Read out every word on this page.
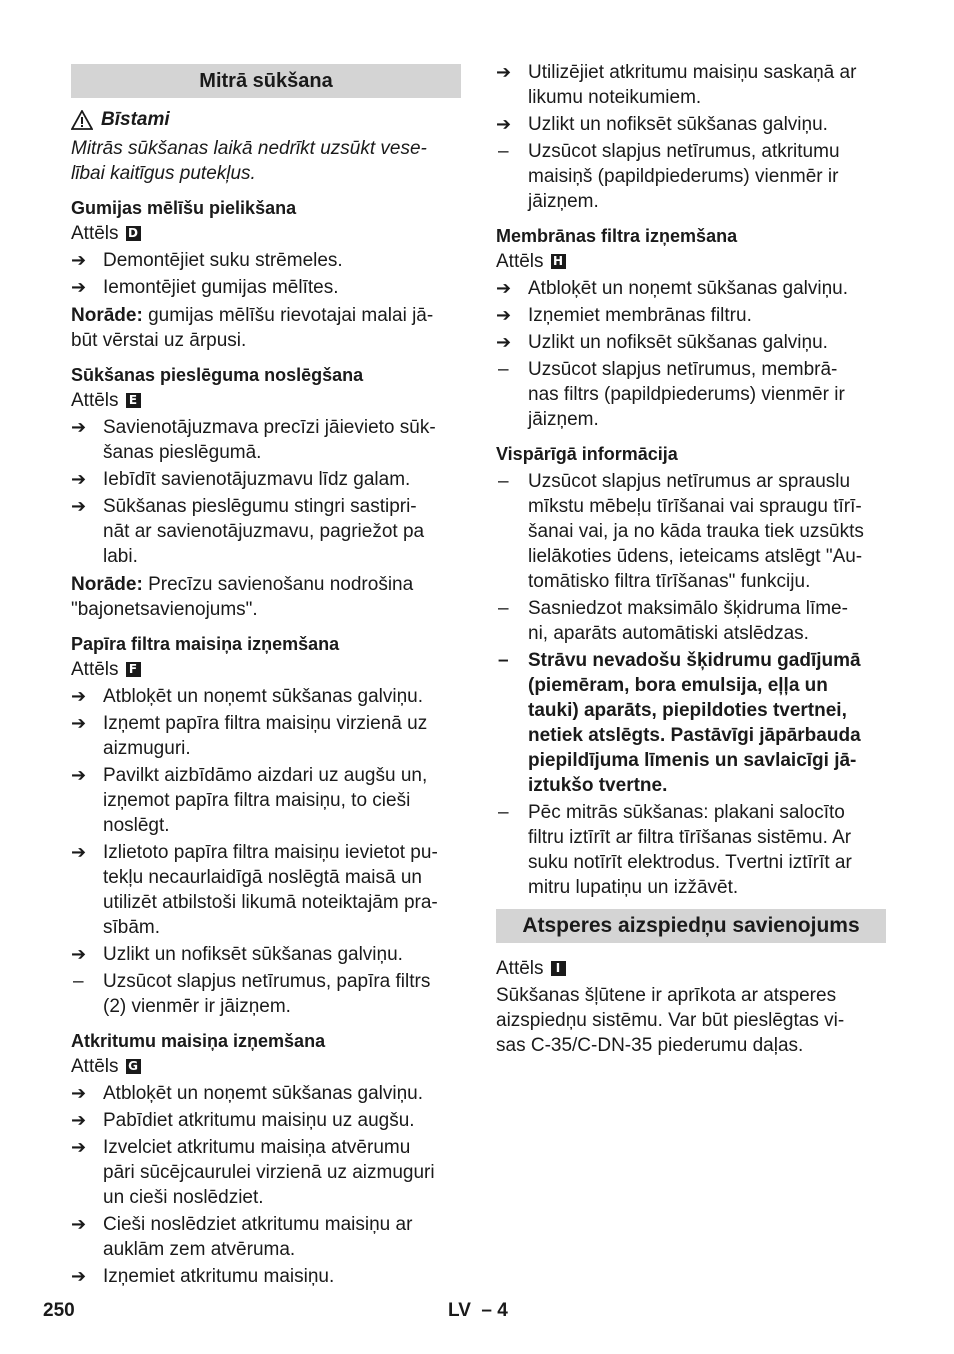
Mitrā sūkšana
Bīstami
Mitrās sūkšanas laikā nedrīkt uzsūkt vese-
lībai kaitīgus putekļus.
Gumijas mēlīšu pielikšana
Attēls D
➔ Demontējiet suku strēmeles.
➔ Iemontējiet gumijas mēlītes.
Norāde: gumijas mēlīšu rievotajai malai jā-
būt vērstai uz ārpusi.
Sūkšanas pieslēguma noslēgšana
Attēls E
➔ Savienotājuzmava precīzi jāievieto sūk-
šanas pieslēgumā.
➔ Iebīdīt savienotājuzmavu līdz galam.
➔ Sūkšanas pieslēgumu stingri sastipri-
nāt ar savienotājuzmavu, pagriežot pa
labi.
Norāde: Precīzu savienošanu nodrošina
"bajonetsavienojums".
Papīra filtra maisiņa izņemšana
Attēls F
➔ Atbloķēt un noņemt sūkšanas galviņu.
➔ Izņemt papīra filtra maisiņu virzienā uz
aizmuguri.
➔ Pavilkt aizbīdāmo aizdari uz augšu un,
izņemot papīra filtra maisiņu, to cieši
noslēgt.
➔ Izlietoto papīra filtra maisiņu ievietot pu-
tekļu necaurlaidīgā noslēgtā maisā un
utilizēt atbilstoši likumā noteiktajām pra-
sībām.
➔ Uzlikt un nofiksēt sūkšanas galviņu.
–	Uzsūcot slapjus netīrumus, papīra filtrs
(2) vienmēr ir jāizņem.
Atkritumu maisiņa izņemšana
Attēls G
➔ Atbloķēt un noņemt sūkšanas galviņu.
➔ Pabīdiet atkritumu maisiņu uz augšu.
➔ Izvelciet atkritumu maisiņa atvērumu
pāri sūcējcaurulei virzienā uz aizmuguri
un cieši noslēdziet.
➔ Cieši noslēdziet atkritumu maisiņu ar
auklām zem atvēruma.
➔ Izņemiet atkritumu maisiņu.
➔ Utilizējiet atkritumu maisiņu saskaņā ar
likumu noteikumiem.
➔ Uzlikt un nofiksēt sūkšanas galviņu.
–	Uzsūcot slapjus netīrumus, atkritumu
maisiņš (papildpiederums) vienmēr ir
jāizņem.
Membrānas filtra izņemšana
Attēls H
➔ Atbloķēt un noņemt sūkšanas galviņu.
➔ Izņemiet membrānas filtru.
➔ Uzlikt un nofiksēt sūkšanas galviņu.
–	Uzsūcot slapjus netīrumus, membrā-
nas filtrs (papildpiederums) vienmēr ir
jāizņem.
Vispārīgā informācija
–	Uzsūcot slapjus netīrumus ar sprauslu
mīkstu mēbeļu tīrīšanai vai spraugu tīrī-
šanai vai, ja no kāda trauka tiek uzsūkts
lielākoties ūdens, ieteicams atslēgt "Au-
tomātisko filtra tīrīšanas" funkciju.
–	Sasniedzot maksimālo šķidruma līme-
ni, aparāts automātiski atslēdzas.
–	Strāvu nevadošu šķidrumu gadījumā
(piemēram, bora emulsija, eļļa un
tauki) aparāts, piepildoties tvertnei,
netiek atslēgts. Pastāvīgi jāpārbauda
piepildījuma līmenis un savlaicīgi jā-
iztukšo tvertne.
–	Pēc mitrās sūkšanas: plakani salocīto
filtru iztīrīt ar filtra tīrīšanas sistēmu. Ar
suku notīrīt elektrodus. Tvertni iztīrīt ar
mitru lupatiņu un izžāvēt.
Atsperes aizspiedņu savienojums
Attēls	I
Sūkšanas šļūtene ir aprīkota ar atsperes
aizspiedņu sistēmu. Var būt pieslēgtas vi-
sas C-35/C-DN-35 piederumu daļas.
250	LV  – 4
